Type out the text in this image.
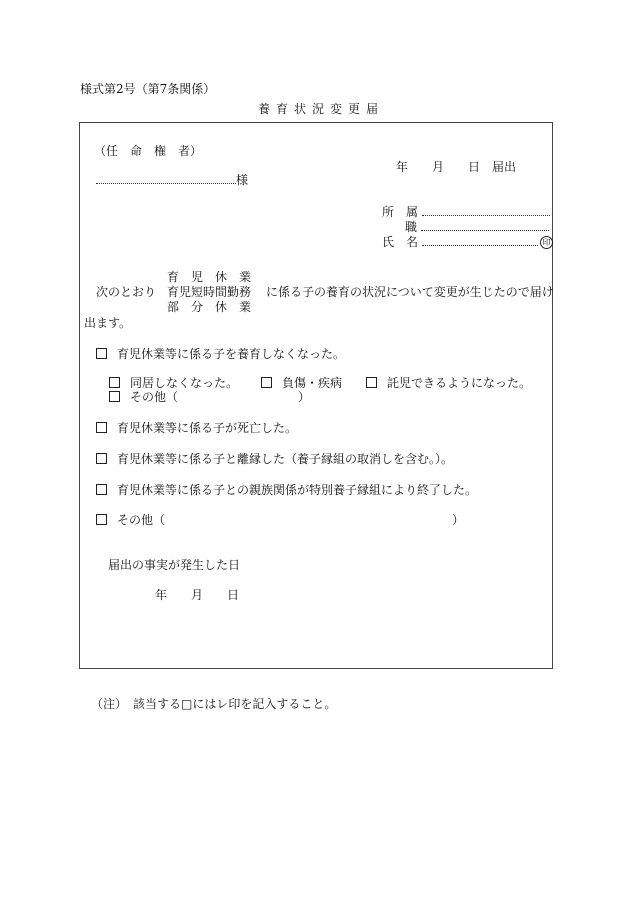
様式第2号（第7条関係）
養育状況変更届
（任　命　権　者）
年　　月　　日　届出
様
所　属
職
氏　名	印
育　児　休　業
次のとおり 育児短時間勤務 に係る子の養育の状況について変更が生じたので届け
部　分　休　業
出ます。
育児休業等に係る子を養育しなくなった。
同居しなくなった。	負傷・疾病	託児できるようになった。
その他（	）
育児休業等に係る子が死亡した。
育児休業等に係る子と離縁した（養子縁組の取消しを含む。）。
育児休業等に係る子との親族関係が特別養子縁組により終了した。
その他（	）
届出の事実が発生した日
年　　月　　日
（注）　該当する□にはレ印を記入すること。
